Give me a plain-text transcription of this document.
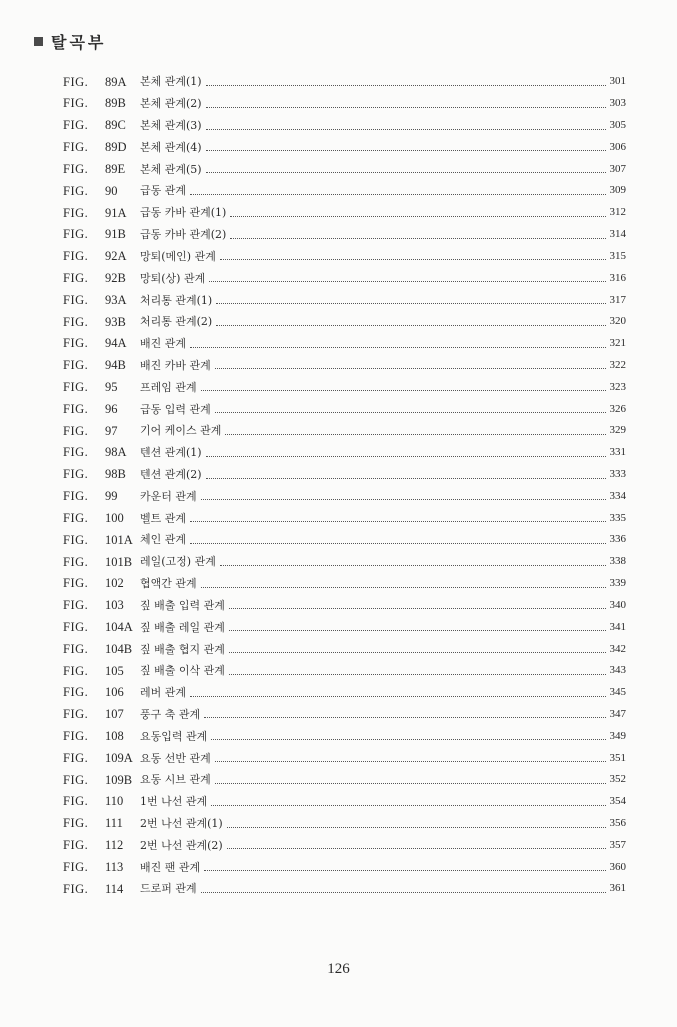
탈곡부
FIG.	89A	본체 관계(1)	301
FIG.	89B	본체 관계(2)	303
FIG.	89C	본체 관계(3)	305
FIG.	89D	본체 관계(4)	306
FIG.	89E	본체 관계(5)	307
FIG.	90	급동 관계	309
FIG.	91A	급동 카바 관계(1)	312
FIG.	91B	급동 카바 관계(2)	314
FIG.	92A	망퇴(메인) 관계	315
FIG.	92B	망퇴(상) 관계	316
FIG.	93A	처리통 관계(1)	317
FIG.	93B	처리통 관계(2)	320
FIG.	94A	배진 관계	321
FIG.	94B	배진 카바 관계	322
FIG.	95	프레임 관계	323
FIG.	96	급동 입력 관계	326
FIG.	97	기어 케이스 관계	329
FIG.	98A	텐션 관계(1)	331
FIG.	98B	텐션 관계(2)	333
FIG.	99	카운터 관계	334
FIG.	100	벨트 관계	335
FIG.	101A 체인 관계	336
FIG.	101B 레일(고정) 관계	338
FIG.	102	협액간 관계	339
FIG.	103	짚 배출 입력 관계	340
FIG.	104A 짚 배출 레일 관계	341
FIG.	104B 짚 배출 협지 관계	342
FIG.	105	짚 배출 이삭 관계	343
FIG.	106	레버 관계	345
FIG.	107	풍구 축 관계	347
FIG.	108	요동입력 관계	349
FIG.	109A 요동 선반 관계	351
FIG.	109B 요동 시브 관계	352
FIG.	110	1번 나선 관계	354
FIG.	111	2번 나선 관계(1)	356
FIG.	112	2번 나선 관계(2)	357
FIG.	113	배진 팬 관계	360
FIG.	114	드로퍼 관계	361
126
